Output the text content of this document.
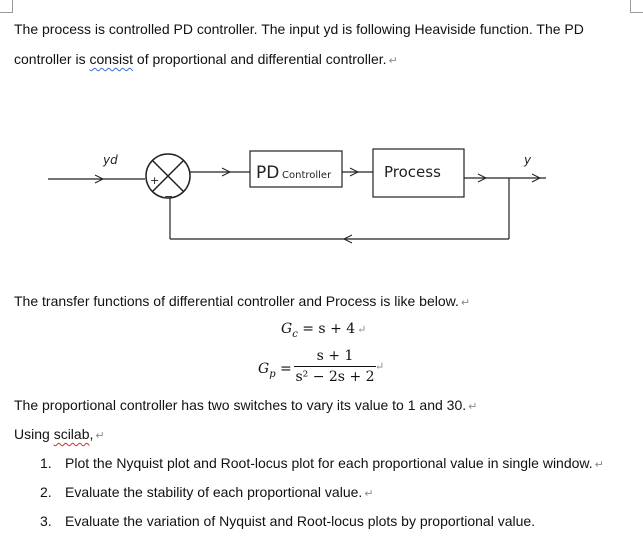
The process is controlled PD controller. The input yd is following Heaviside function. The PD
controller is consist of proportional and differential controller. ↵
yd
+
−
PD Controller	Process
y
The transfer functions of differential controller and Process is like below. ↵
$G_c = s + 4$ ↵
$G_p$ =
s + 1
s² − 2s + 2
↵
The proportional controller has two switches to vary its value to 1 and 30. ↵
Using scilab, ↵
1. Plot the Nyquist plot and Root-locus plot for each proportional value in single window. ↵
2. Evaluate the stability of each proportional value. ↵
3. Evaluate the variation of Nyquist and Root-locus plots by proportional value.
